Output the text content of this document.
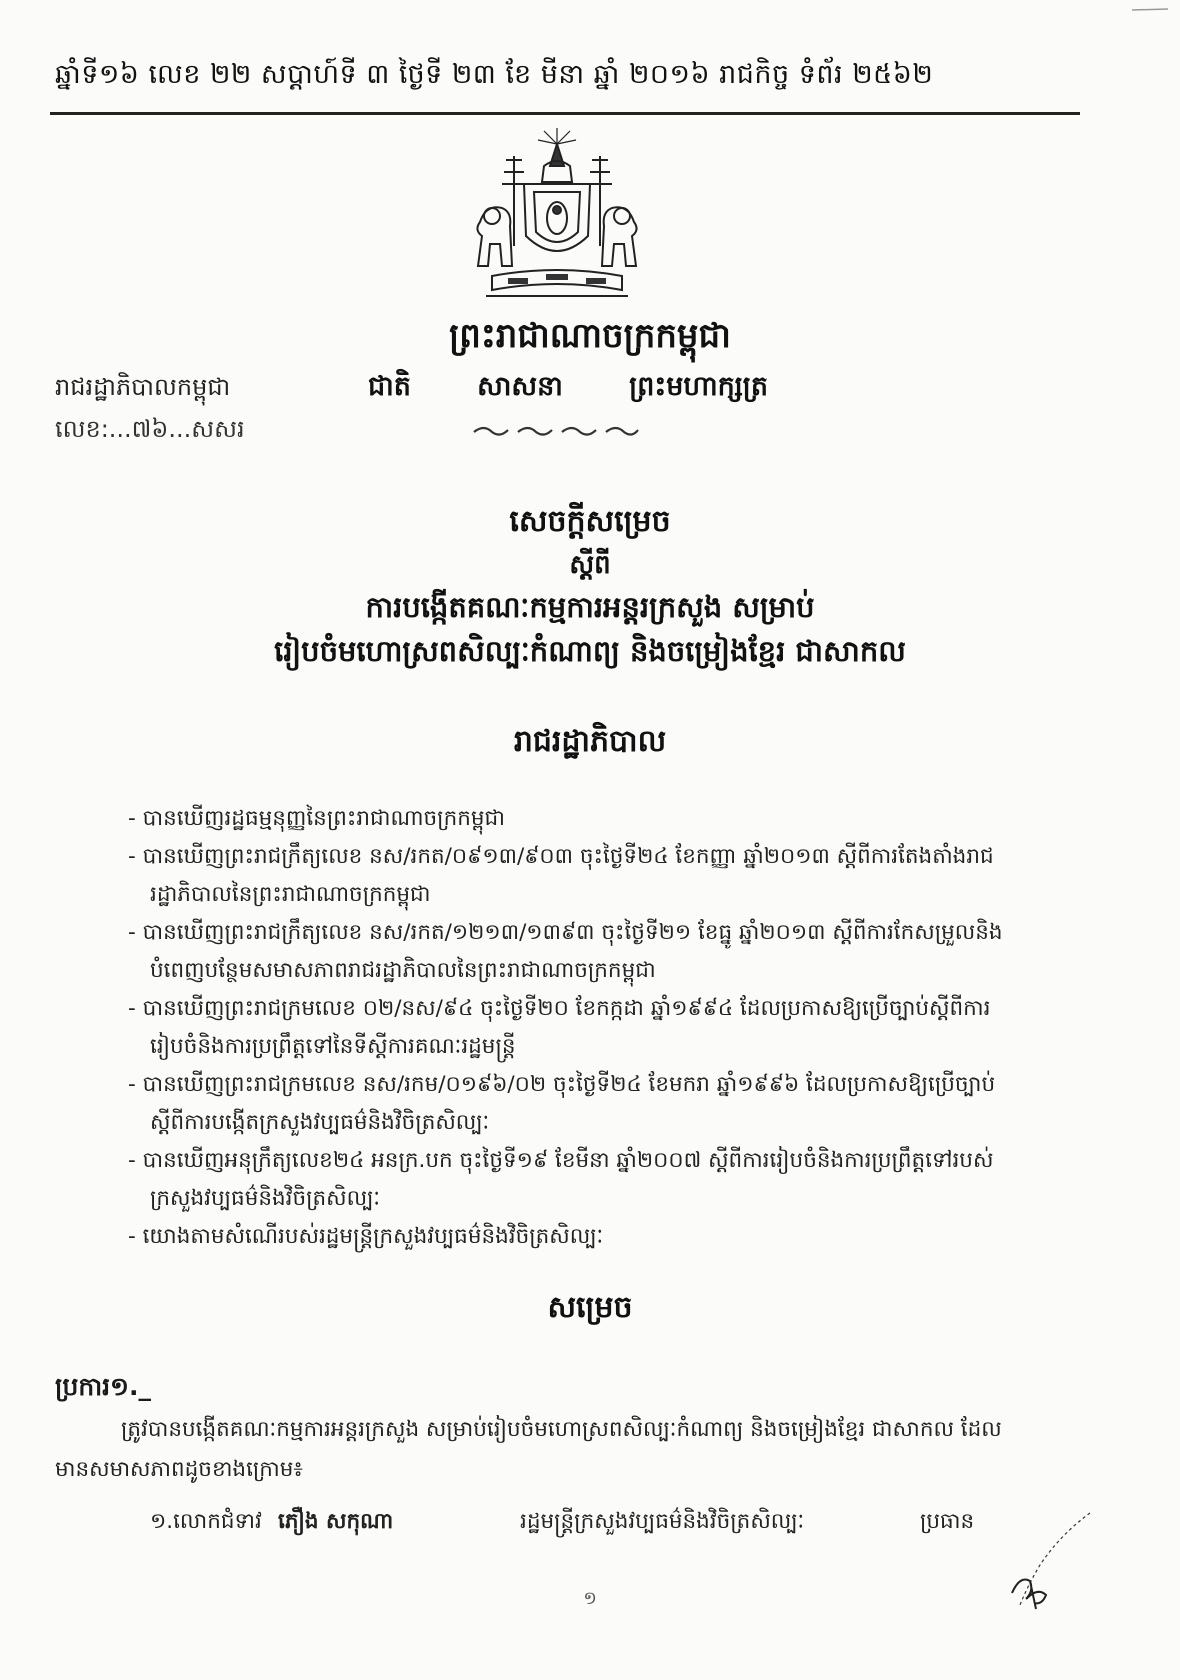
ឆ្នាំទី១៦ លេខ ២២ សប្តាហ៍ទី ៣ ថ្ងៃទី ២៣ ខែ មីនា ឆ្នាំ ២០១៦ រាជកិច្ច ទំព័រ ២៥៦២
ព្រះរាជាណាចក្រកម្ពុជា
រាជរដ្ឋាភិបាលកម្ពុជា
លេខ:...៧៦...សសរ
ជាតិ សាសនា ព្រះមហាក្សត្រ
សេចក្តីសម្រេច
ស្តីពី
ការបង្កើតគណៈកម្មការអន្តរក្រសួង សម្រាប់
រៀបចំមហោស្រពសិល្បៈកំណាព្យ និងចម្រៀងខ្មែរ ជាសាកល
រាជរដ្ឋាភិបាល

- បានឃើញរដ្ឋធម្មនុញ្ញនៃព្រះរាជាណាចក្រកម្ពុជា

- បានឃើញព្រះរាជក្រឹត្យលេខ នស/រកត/០៩១៣/៩០៣ ចុះថ្ងៃទី២៤ ខែកញ្ញា ឆ្នាំ២០១៣ ស្តីពីការតែងតាំងរាជរដ្ឋាភិបាលនៃព្រះរាជាណាចក្រកម្ពុជា

- បានឃើញព្រះរាជក្រឹត្យលេខ នស/រកត/១២១៣/១៣៩៣ ចុះថ្ងៃទី២១ ខែធ្នូ ឆ្នាំ២០១៣ ស្តីពីការកែសម្រួលនិងបំពេញបន្ថែមសមាសភាពរាជរដ្ឋាភិបាលនៃព្រះរាជាណាចក្រកម្ពុជា

- បានឃើញព្រះរាជក្រមលេខ ០២/នស/៩៤ ចុះថ្ងៃទី២០ ខែកក្កដា ឆ្នាំ១៩៩៤ ដែលប្រកាសឱ្យប្រើច្បាប់ស្តីពីការរៀបចំនិងការប្រព្រឹត្តទៅនៃទីស្តីការគណៈរដ្ឋមន្ត្រី

- បានឃើញព្រះរាជក្រមលេខ នស/រកម/០១៩៦/០២ ចុះថ្ងៃទី២៤ ខែមករា ឆ្នាំ១៩៩៦ ដែលប្រកាសឱ្យប្រើច្បាប់ស្តីពីការបង្កើតក្រសួងវប្បធម៌និងវិចិត្រសិល្បៈ

- បានឃើញអនុក្រឹត្យលេខ២៤ អនក្រ.បក ចុះថ្ងៃទី១៩ ខែមីនា ឆ្នាំ២០០៧ ស្តីពីការរៀបចំនិងការប្រព្រឹត្តទៅរបស់ក្រសួងវប្បធម៌និងវិចិត្រសិល្បៈ

- យោងតាមសំណើរបស់រដ្ឋមន្ត្រីក្រសួងវប្បធម៌និងវិចិត្រសិល្បៈ

សម្រេច
ប្រការ១._
ត្រូវបានបង្កើតគណៈកម្មការអន្តរក្រសួង សម្រាប់រៀបចំមហោស្រពសិល្បៈកំណាព្យ និងចម្រៀងខ្មែរ ជាសាកល ដែលមានសមាសភាពដូចខាងក្រោម៖
១.លោកជំទាវ ភឿង សកុណា	រដ្ឋមន្ត្រីក្រសួងវប្បធម៌និងវិចិត្រសិល្បៈ	ប្រធាន
១
